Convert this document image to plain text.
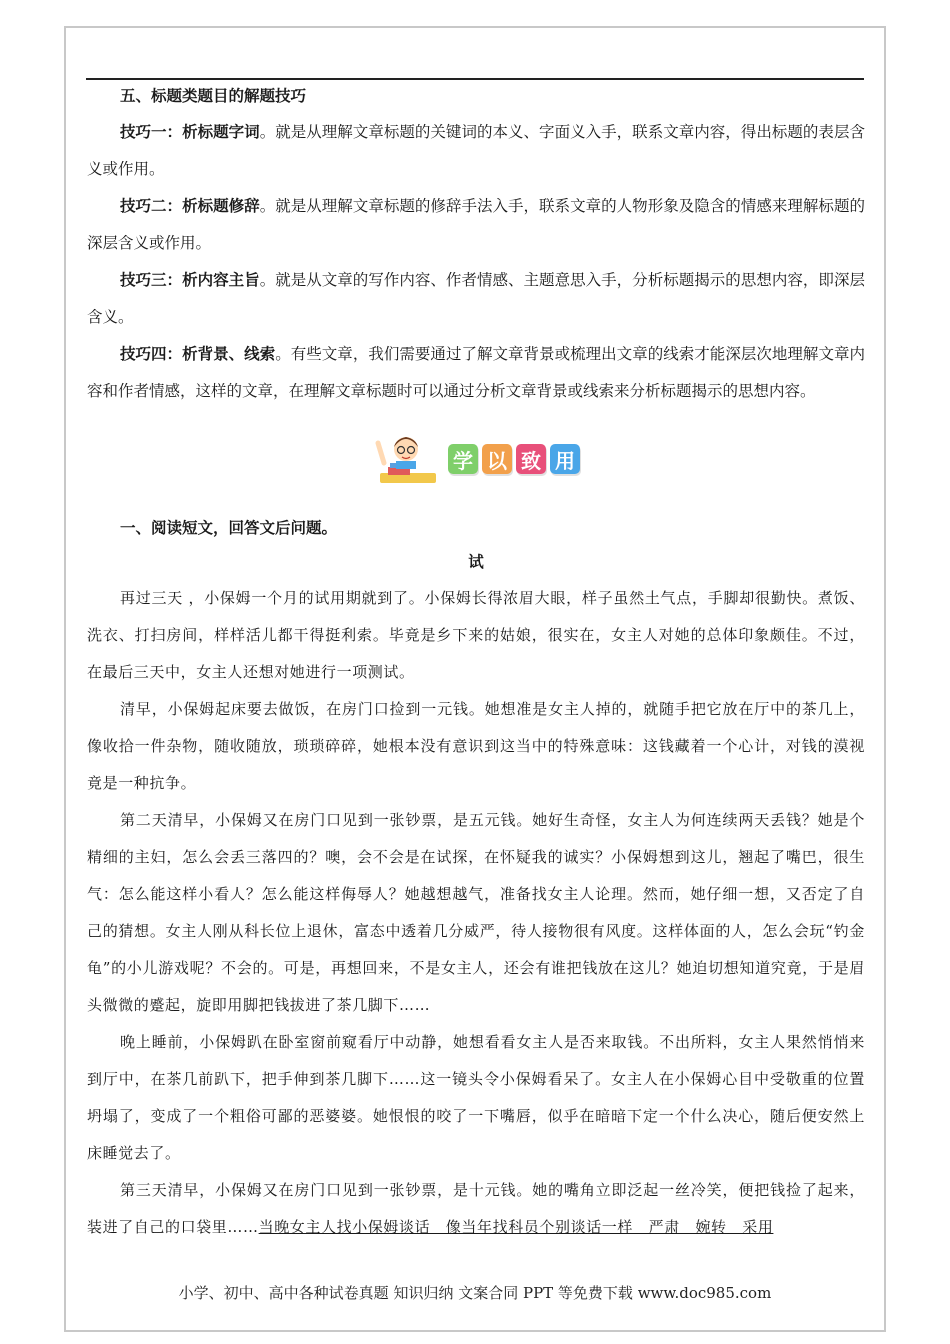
五、标题类题目的解题技巧

技巧一：析标题字词。就是从理解文章标题的关键词的本义、字面义入手，联系文章内容，得出标题的表层含义或作用。

技巧二：析标题修辞。就是从理解文章标题的修辞手法入手，联系文章的人物形象及隐含的情感来理解标题的深层含义或作用。

技巧三：析内容主旨。就是从文章的写作内容、作者情感、主题意思入手，分析标题揭示的思想内容，即深层含义。

技巧四：析背景、线索。有些文章，我们需要通过了解文章背景或梳理出文章的线索才能深层次地理解文章内容和作者情感，这样的文章，在理解文章标题时可以通过分析文章背景或线索来分析标题揭示的思想内容。

学 以 致 用
一、阅读短文，回答文后问题。
试

再过三天 ，小保姆一个月的试用期就到了。小保姆长得浓眉大眼，样子虽然土气点，手脚却很勤快。煮饭、洗衣、打扫房间，样样活儿都干得挺利索。毕竟是乡下来的姑娘，很实在，女主人对她的总体印象颇佳。不过，在最后三天中，女主人还想对她进行一项测试。

清早，小保姆起床要去做饭，在房门口捡到一元钱。她想准是女主人掉的，就随手把它放在厅中的茶几上，像收拾一件杂物，随收随放，琐琐碎碎，她根本没有意识到这当中的特殊意味：这钱藏着一个心计，对钱的漠视竟是一种抗争。

第二天清早，小保姆又在房门口见到一张钞票，是五元钱。她好生奇怪，女主人为何连续两天丢钱？她是个精细的主妇，怎么会丢三落四的？噢，会不会是在试探，在怀疑我的诚实？小保姆想到这儿，翘起了嘴巴，很生气：怎么能这样小看人？怎么能这样侮辱人？她越想越气，准备找女主人论理。然而，她仔细一想，又否定了自己的猜想。女主人刚从科长位上退休，富态中透着几分威严，待人接物很有风度。这样体面的人，怎么会玩“钓金龟”的小儿游戏呢？不会的。可是，再想回来，不是女主人，还会有谁把钱放在这儿？她迫切想知道究竟，于是眉头微微的蹙起，旋即用脚把钱拔进了茶几脚下……

晚上睡前，小保姆趴在卧室窗前窥看厅中动静，她想看看女主人是否来取钱。不出所料，女主人果然悄悄来到厅中，在茶几前趴下，把手伸到茶几脚下……这一镜头令小保姆看呆了。女主人在小保姆心目中受敬重的位置坍塌了，变成了一个粗俗可鄙的恶婆婆。她恨恨的咬了一下嘴唇，似乎在暗暗下定一个什么决心，随后便安然上床睡觉去了。

第三天清早，小保姆又在房门口见到一张钞票，是十元钱。她的嘴角立即泛起一丝冷笑，便把钱捡了起来，装进了自己的口袋里……当晚女主人找小保姆谈话　像当年找科员个别谈话一样　严肃　婉转　采用

小学、初中、高中各种试卷真题 知识归纳 文案合同 PPT 等免费下载 www.doc985.com
